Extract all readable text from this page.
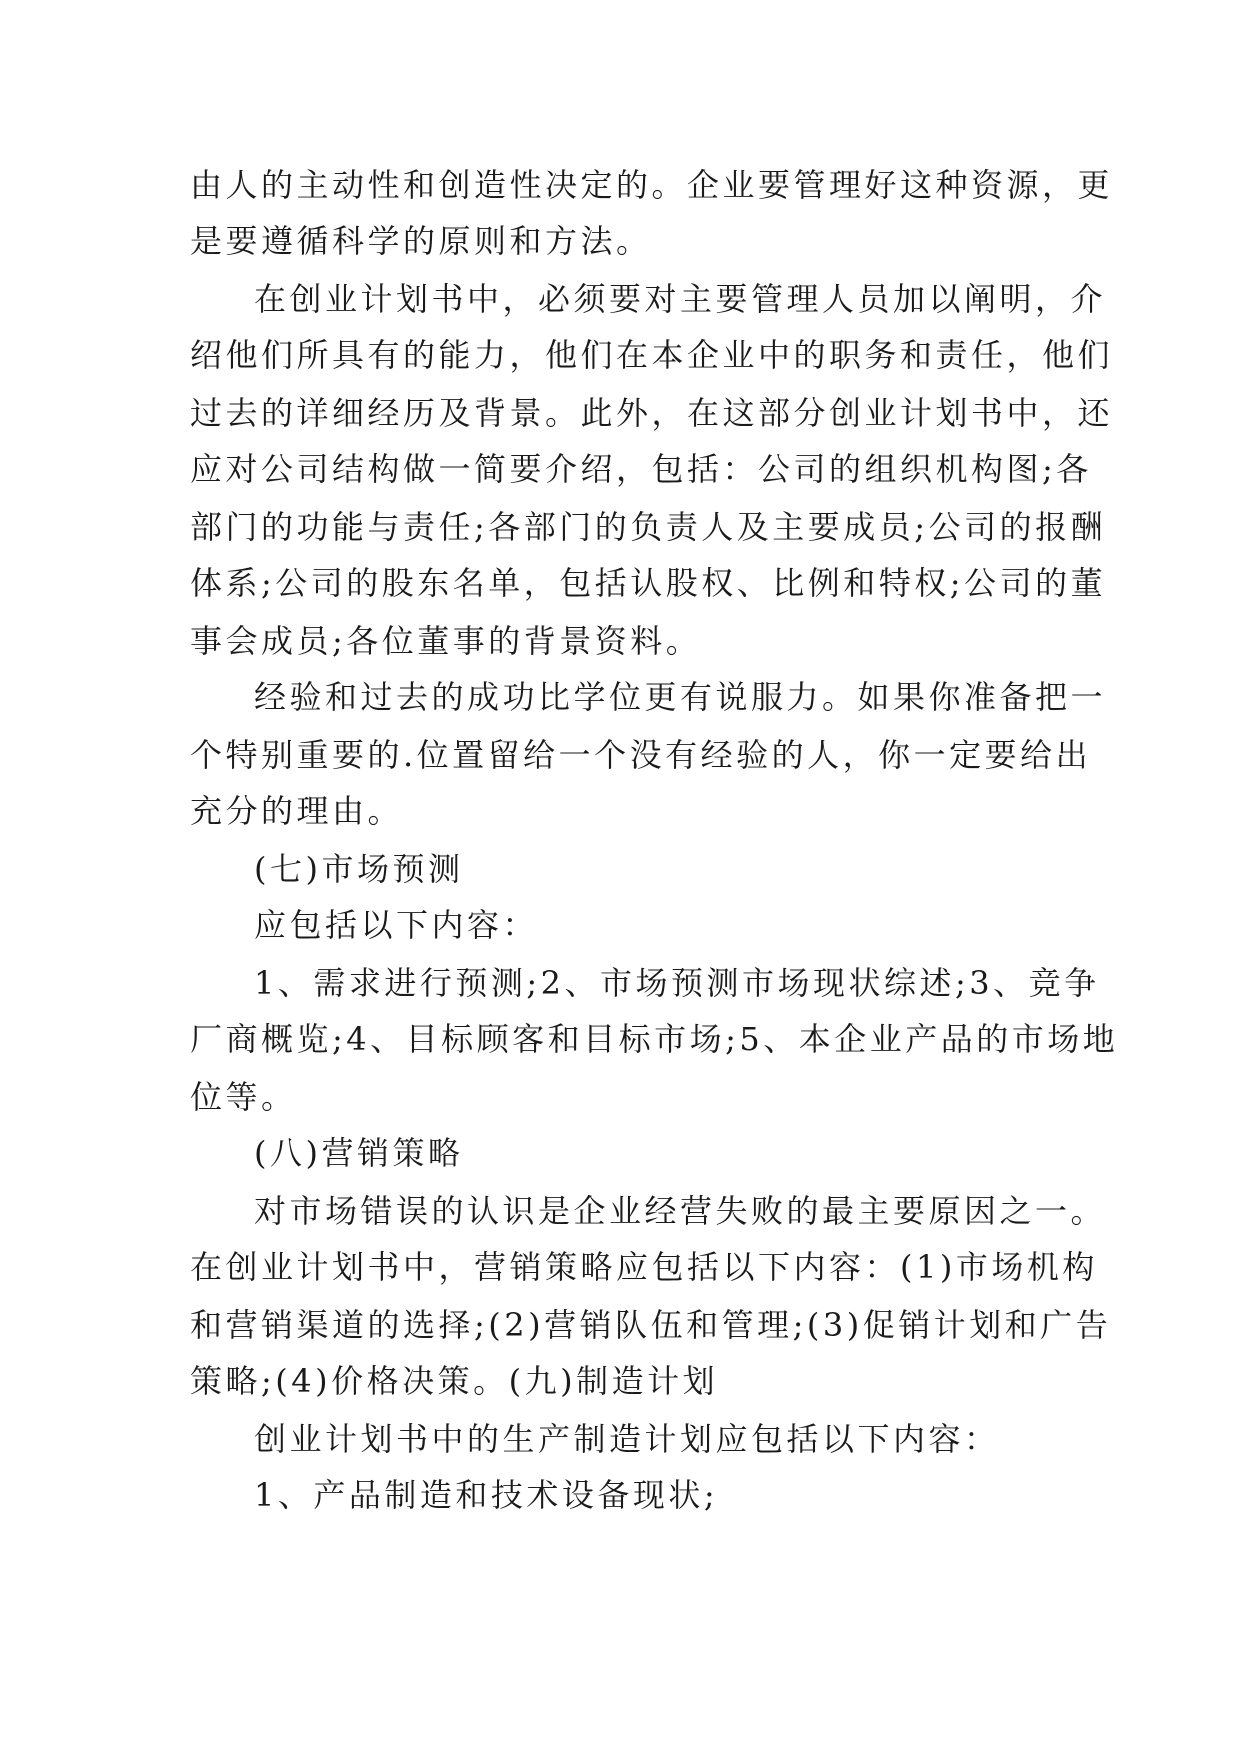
由人的主动性和创造性决定的。企业要管理好这种资源，更
是要遵循科学的原则和方法。
在创业计划书中，必须要对主要管理人员加以阐明，介
绍他们所具有的能力，他们在本企业中的职务和责任，他们
过去的详细经历及背景。此外，在这部分创业计划书中，还
应对公司结构做一简要介绍，包括：公司的组织机构图;各
部门的功能与责任;各部门的负责人及主要成员;公司的报酬
体系;公司的股东名单，包括认股权、比例和特权;公司的董
事会成员;各位董事的背景资料。
经验和过去的成功比学位更有说服力。如果你准备把一
个特别重要的.位置留给一个没有经验的人，你一定要给出
充分的理由。
(七)市场预测
应包括以下内容：
1、需求进行预测;2、市场预测市场现状综述;3、竞争
厂商概览;4、目标顾客和目标市场;5、本企业产品的市场地
位等。
(八)营销策略
对市场错误的认识是企业经营失败的最主要原因之一。
在创业计划书中，营销策略应包括以下内容：(1)市场机构
和营销渠道的选择;(2)营销队伍和管理;(3)促销计划和广告
策略;(4)价格决策。(九)制造计划
创业计划书中的生产制造计划应包括以下内容：
1、产品制造和技术设备现状;
